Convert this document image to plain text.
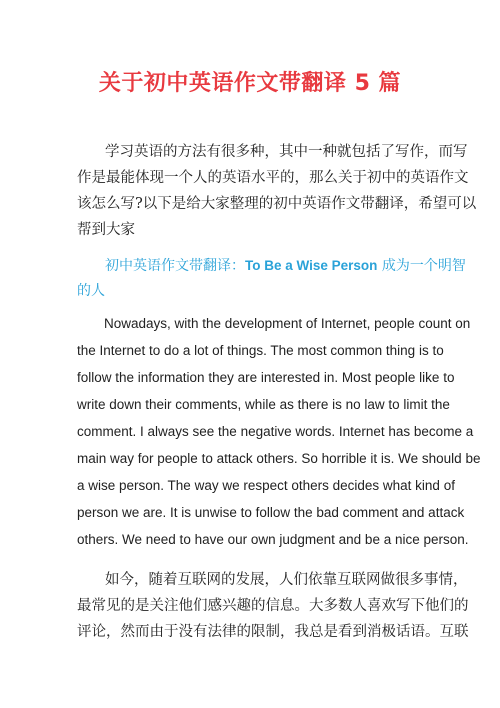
关于初中英语作文带翻译 5 篇
学习英语的方法有很多种，其中一种就包括了写作，而写
作是最能体现一个人的英语水平的，那么关于初中的英语作文
该怎么写?以下是给大家整理的初中英语作文带翻译，希望可以
帮到大家
初中英语作文带翻译：To Be a Wise Person 成为一个明智
的人
Nowadays, with the development of Internet, people count on
the Internet to do a lot of things. The most common thing is to
follow the information they are interested in. Most people like to
write down their comments, while as there is no law to limit the
comment. I always see the negative words. Internet has become a
main way for people to attack others. So horrible it is. We should be
a wise person. The way we respect others decides what kind of
person we are. It is unwise to follow the bad comment and attack
others. We need to have our own judgment and be a nice person.
如今，随着互联网的发展，人们依靠互联网做很多事情，
最常见的是关注他们感兴趣的信息。大多数人喜欢写下他们的
评论，然而由于没有法律的限制，我总是看到消极话语。互联
